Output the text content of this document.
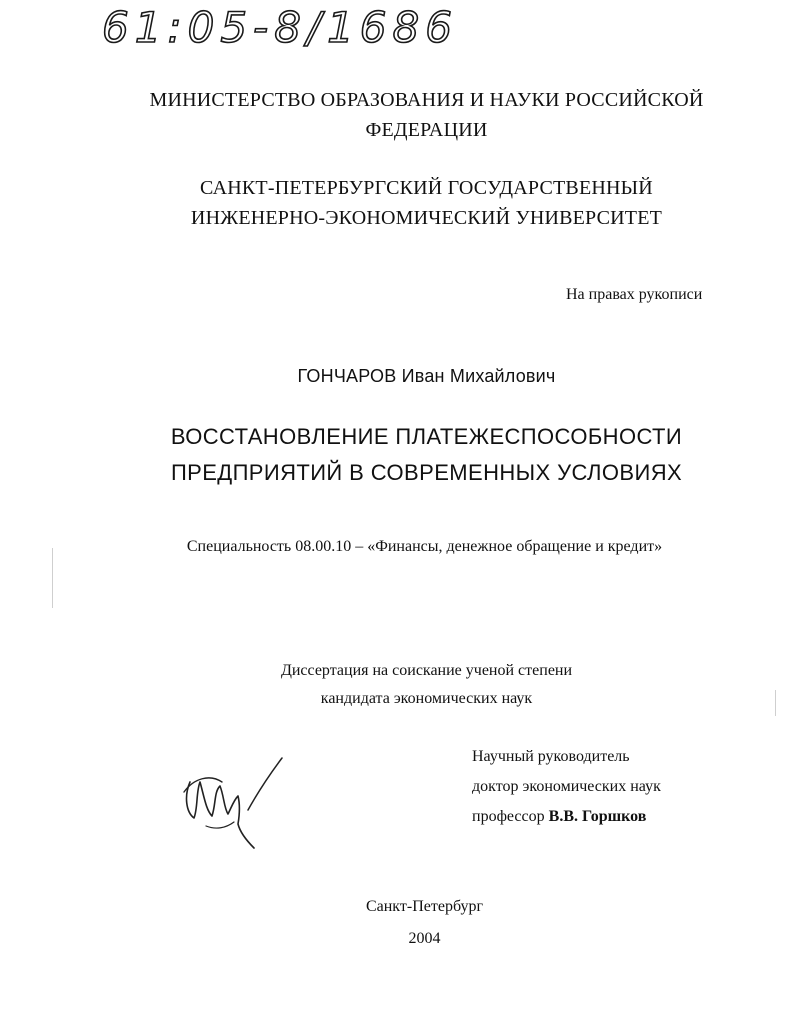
61:05-8/1686
МИНИСТЕРСТВО ОБРАЗОВАНИЯ И НАУКИ РОССИЙСКОЙ
ФЕДЕРАЦИИ
САНКТ-ПЕТЕРБУРГСКИЙ ГОСУДАРСТВЕННЫЙ
ИНЖЕНЕРНО-ЭКОНОМИЧЕСКИЙ УНИВЕРСИТЕТ
На правах рукописи
ГОНЧАРОВ Иван Михайлович
ВОССТАНОВЛЕНИЕ ПЛАТЕЖЕСПОСОБНОСТИ
ПРЕДПРИЯТИЙ В СОВРЕМЕННЫХ УСЛОВИЯХ
Специальность 08.00.10 – «Финансы, денежное обращение и кредит»
Диссертация на соискание ученой степени
кандидата экономических наук
Научный руководитель
доктор экономических наук
профессор В.В. Горшков
Санкт-Петербург
2004
